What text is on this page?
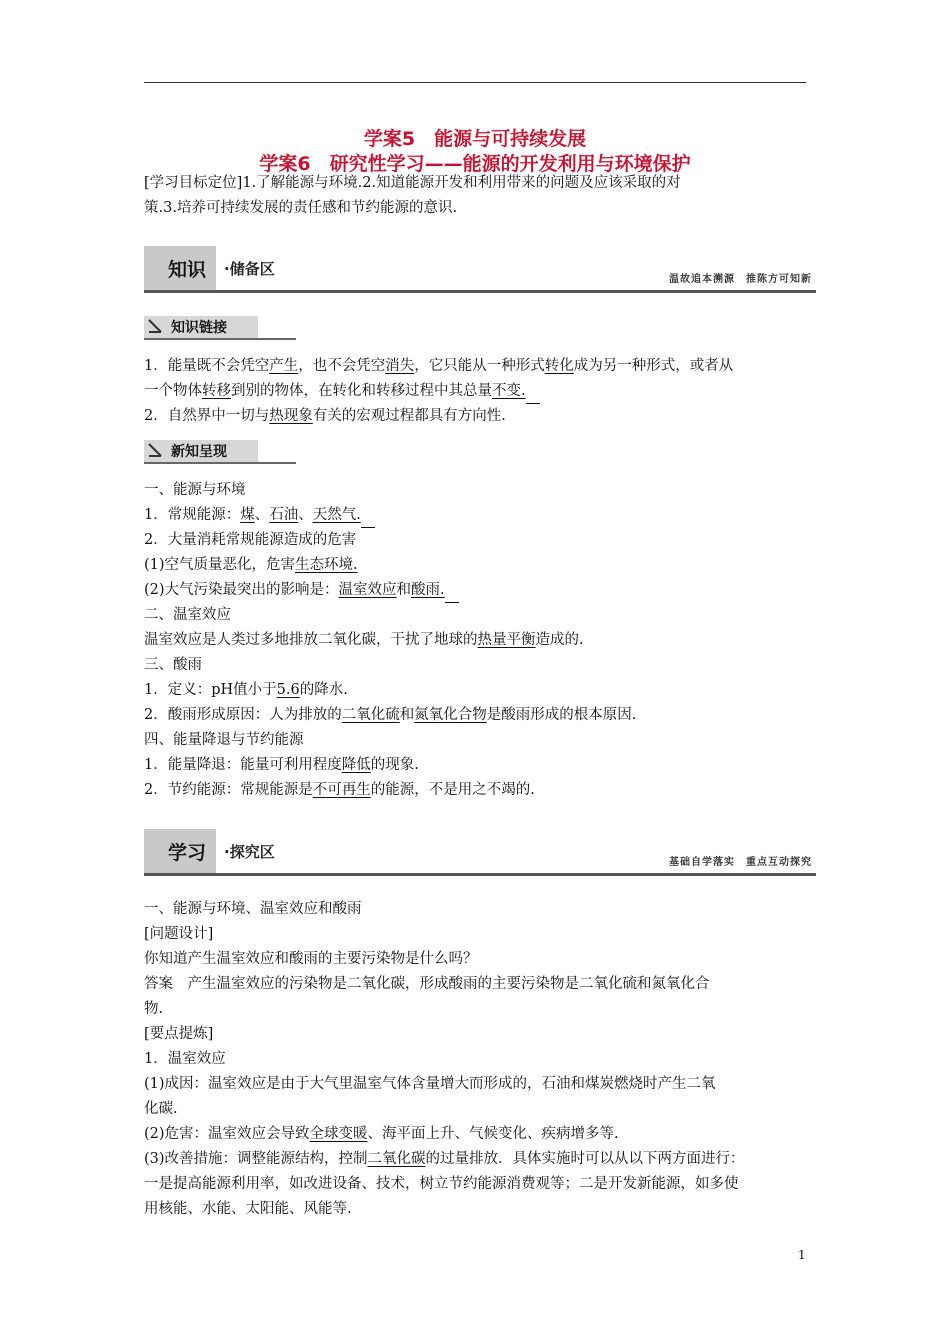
学案5　能源与可持续发展
学案6　研究性学习——能源的开发利用与环境保护

[学习目标定位]1.了解能源与环境.2.知道能源开发和利用带来的问题及应该采取的对

策.3.培养可持续发展的责任感和节约能源的意识.

知识 ·储备区
温故追本溯源　推陈方可知新
知识链接

1．能量既不会凭空产生，也不会凭空消失，它只能从一种形式转化成为另一种形式，或者从

一个物体转移到别的物体，在转化和转移过程中其总量不变.

2．自然界中一切与热现象有关的宏观过程都具有方向性.

新知呈现

一、能源与环境

1．常规能源：煤、石油、天然气.

2．大量消耗常规能源造成的危害

(1)空气质量恶化，危害生态环境.

(2)大气污染最突出的影响是：温室效应和酸雨.

二、温室效应

温室效应是人类过多地排放二氧化碳，干扰了地球的热量平衡造成的.

三、酸雨

1．定义：pH值小于5.6的降水.

2．酸雨形成原因：人为排放的二氧化硫和氮氧化合物是酸雨形成的根本原因.

四、能量降退与节约能源

1．能量降退：能量可利用程度降低的现象.

2．节约能源：常规能源是不可再生的能源，不是用之不竭的.

学习 ·探究区
基础自学落实　重点互动探究

一、能源与环境、温室效应和酸雨

[问题设计]

你知道产生温室效应和酸雨的主要污染物是什么吗？

答案　产生温室效应的污染物是二氧化碳，形成酸雨的主要污染物是二氧化硫和氮氧化合

物.

[要点提炼]

1．温室效应

(1)成因：温室效应是由于大气里温室气体含量增大而形成的，石油和煤炭燃烧时产生二氧

化碳.

(2)危害：温室效应会导致全球变暖、海平面上升、气候变化、疾病增多等.

(3)改善措施：调整能源结构，控制二氧化碳的过量排放．具体实施时可以从以下两方面进行：

一是提高能源利用率，如改进设备、技术，树立节约能源消费观等；二是开发新能源，如多使

用核能、水能、太阳能、风能等.

1
